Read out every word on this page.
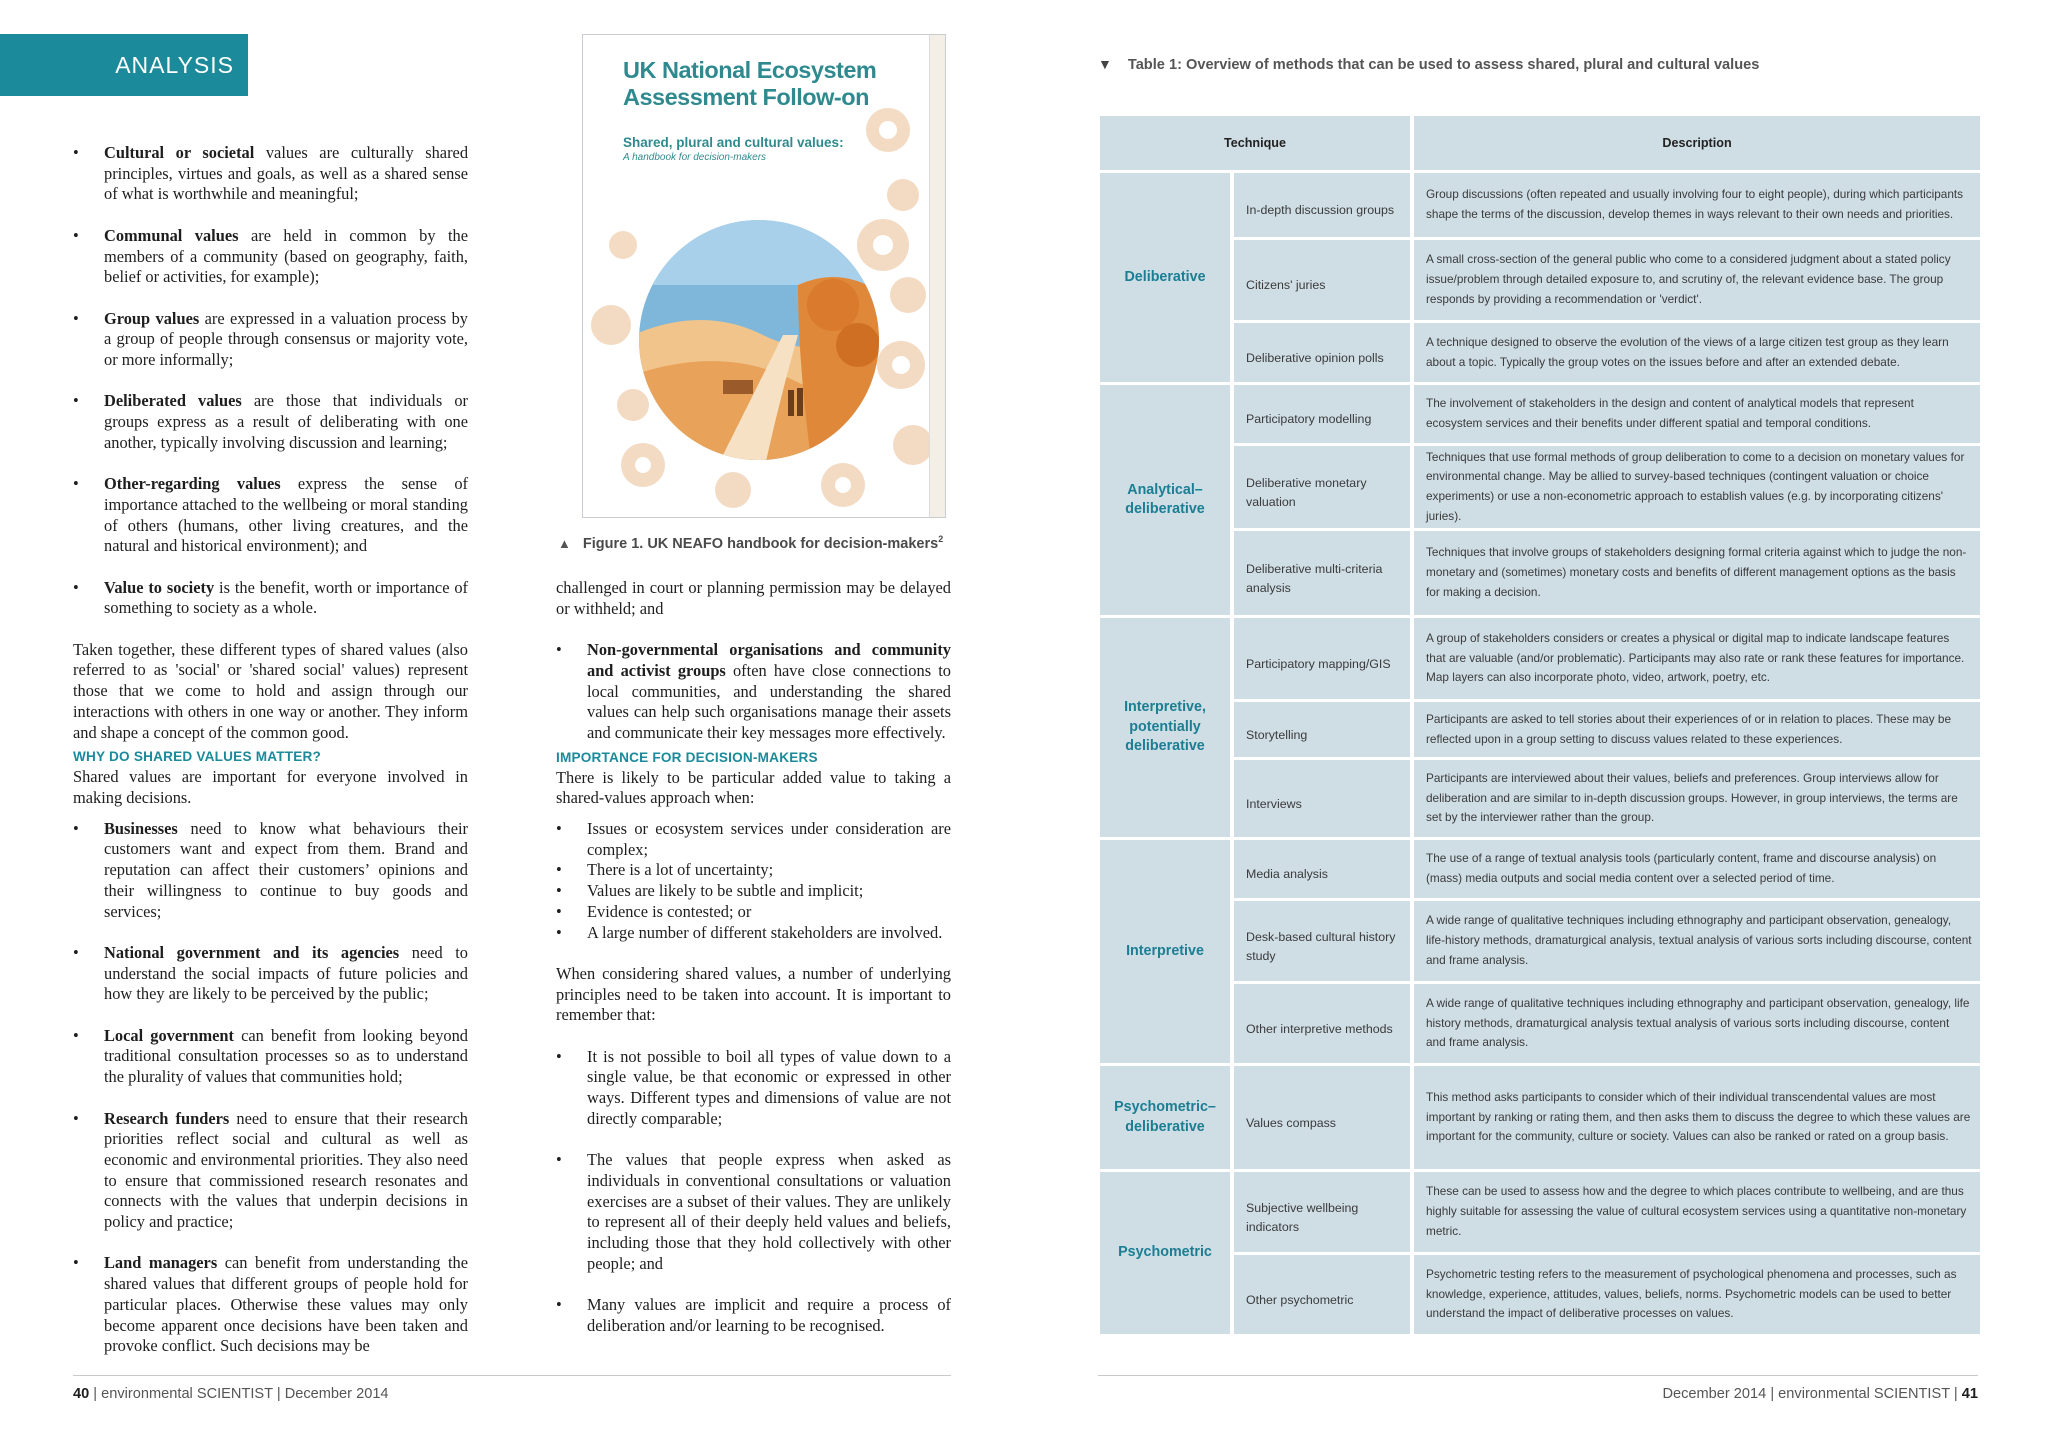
ANALYSIS
• Cultural or societal values are culturally shared principles, virtues and goals, as well as a shared sense of what is worthwhile and meaningful;
• Communal values are held in common by the members of a community (based on geography, faith, belief or activities, for example);
• Group values are expressed in a valuation process by a group of people through consensus or majority vote, or more informally;
• Deliberated values are those that individuals or groups express as a result of deliberating with one another, typically involving discussion and learning;
• Other-regarding values express the sense of importance attached to the wellbeing or moral standing of others (humans, other living creatures, and the natural and historical environment); and
• Value to society is the benefit, worth or importance of something to society as a whole.

Taken together, these different types of shared values (also referred to as 'social' or 'shared social' values) represent those that we come to hold and assign through our interactions with others in one way or another. They inform and shape a concept of the common good.

WHY DO SHARED VALUES MATTER?

Shared values are important for everyone involved in making decisions.

• Businesses need to know what behaviours their customers want and expect from them. Brand and reputation can affect their customers’ opinions and their willingness to continue to buy goods and services;
• National government and its agencies need to understand the social impacts of future policies and how they are likely to be perceived by the public;
• Local government can benefit from looking beyond traditional consultation processes so as to understand the plurality of values that communities hold;
• Research funders need to ensure that their research priorities reflect social and cultural as well as economic and environmental priorities. They also need to ensure that commissioned research resonates and connects with the values that underpin decisions in policy and practice;
• Land managers can benefit from understanding the shared values that different groups of people hold for particular places. Otherwise these values may only become apparent once decisions have been taken and provoke conflict. Such decisions may be
UK National Ecosystem Assessment Follow-on
Shared, plural and cultural values:
A handbook for decision-makers
▲ Figure 1. UK NEAFO handbook for decision-makers$^2$

challenged in court or planning permission may be delayed or withheld; and

• Non-governmental organisations and community and activist groups often have close connections to local communities, and understanding the shared values can help such organisations manage their assets and communicate their key messages more effectively.
IMPORTANCE FOR DECISION-MAKERS

There is likely to be particular added value to taking a shared-values approach when:

• Issues or ecosystem services under consideration are complex;
• There is a lot of uncertainty;
• Values are likely to be subtle and implicit;
• Evidence is contested; or
• A large number of different stakeholders are involved.

When considering shared values, a number of underlying principles need to be taken into account. It is important to remember that:

• It is not possible to boil all types of value down to a single value, be that economic or expressed in other ways. Different types and dimensions of value are not directly comparable;
• The values that people express when asked as individuals in conventional consultations or valuation exercises are a subset of their values. They are unlikely to represent all of their deeply held values and beliefs, including those that they hold collectively with other people; and
• Many values are implicit and require a process of deliberation and/or learning to be recognised.
▼ Table 1: Overview of methods that can be used to assess shared, plural and cultural values
Technique	Description
Deliberative
Analytical–deliberative
Interpretive, potentially deliberative
Interpretive
Psychometric–deliberative
Psychometric
In-depth discussion groups
Group discussions (often repeated and usually involving four to eight people), during which participants shape the terms of the discussion, develop themes in ways relevant to their own needs and priorities.
Citizens' juries
A small cross-section of the general public who come to a considered judgment about a stated policy issue/problem through detailed exposure to, and scrutiny of, the relevant evidence base. The group responds by providing a recommendation or 'verdict'.
Deliberative opinion polls
A technique designed to observe the evolution of the views of a large citizen test group as they learn about a topic. Typically the group votes on the issues before and after an extended debate.
Participatory modelling
The involvement of stakeholders in the design and content of analytical models that represent ecosystem services and their benefits under different spatial and temporal conditions.
Deliberative monetary valuation
Techniques that use formal methods of group deliberation to come to a decision on monetary values for environmental change. May be allied to survey-based techniques (contingent valuation or choice experiments) or use a non-econometric approach to establish values (e.g. by incorporating citizens' juries).
Deliberative multi-criteria analysis
Techniques that involve groups of stakeholders designing formal criteria against which to judge the non-monetary and (sometimes) monetary costs and benefits of different management options as the basis for making a decision.
Participatory mapping/GIS
A group of stakeholders considers or creates a physical or digital map to indicate landscape features that are valuable (and/or problematic). Participants may also rate or rank these features for importance. Map layers can also incorporate photo, video, artwork, poetry, etc.
Storytelling
Participants are asked to tell stories about their experiences of or in relation to places. These may be reflected upon in a group setting to discuss values related to these experiences.
Interviews
Participants are interviewed about their values, beliefs and preferences. Group interviews allow for deliberation and are similar to in-depth discussion groups. However, in group interviews, the terms are set by the interviewer rather than the group.
Media analysis
The use of a range of textual analysis tools (particularly content, frame and discourse analysis) on (mass) media outputs and social media content over a selected period of time.
Desk-based cultural history study
A wide range of qualitative techniques including ethnography and participant observation, genealogy, life-history methods, dramaturgical analysis, textual analysis of various sorts including discourse, content and frame analysis.
Other interpretive methods
A wide range of qualitative techniques including ethnography and participant observation, genealogy, life history methods, dramaturgical analysis textual analysis of various sorts including discourse, content and frame analysis.
Values compass
This method asks participants to consider which of their individual transcendental values are most important by ranking or rating them, and then asks them to discuss the degree to which these values are important for the community, culture or society. Values can also be ranked or rated on a group basis.
Subjective wellbeing indicators
These can be used to assess how and the degree to which places contribute to wellbeing, and are thus highly suitable for assessing the value of cultural ecosystem services using a quantitative non-monetary metric.
Other psychometric
Psychometric testing refers to the measurement of psychological phenomena and processes, such as knowledge, experience, attitudes, values, beliefs, norms. Psychometric models can be used to better understand the impact of deliberative processes on values.
40 | environmental SCIENTIST | December 2014	December 2014 | environmental SCIENTIST | 41
